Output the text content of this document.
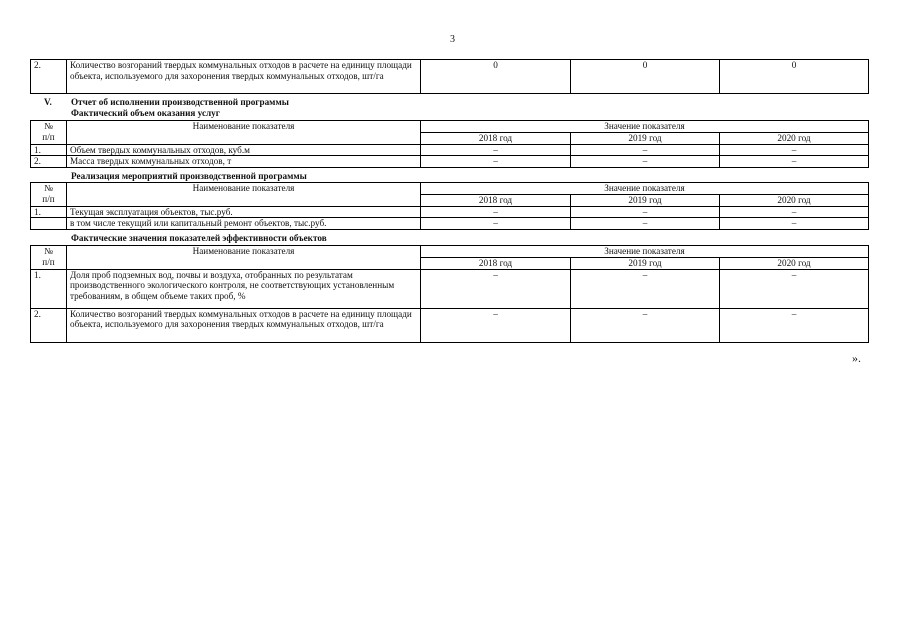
3
2.	Количество возгораний твердых коммунальных отходов в расчете на единицу площади объекта, используемого для захоронения твердых коммунальных отходов, шт/га	0	0	0
V. Отчет об исполнении производственной программы
Фактический объем оказания услуг
№	Наименование показателя	Значение показателя		
п/п		2018 год	2019 год	2020 год
1.	Объем твердых коммунальных отходов, куб.м	–	–	–
2.	Масса твердых коммунальных отходов, т	–	–	–
Реализация мероприятий производственной программы
№	Наименование показателя	Значение показателя		
п/п		2018 год	2019 год	2020 год
1.	Текущая эксплуатация объектов, тыс.руб.	–	–	–
	в том числе текущий или капитальный ремонт объектов, тыс.руб.	–	–	–
Фактические значения показателей эффективности объектов
№	Наименование показателя	Значение показателя		
п/п		2018 год	2019 год	2020 год
1.	Доля проб подземных вод, почвы и воздуха, отобранных по результатам производственного экологического контроля, не соответствующих установленным требованиям, в общем объеме таких проб, %	–	–	–
2.	Количество возгораний твердых коммунальных отходов в расчете на единицу площади объекта, используемого для захоронения твердых коммунальных отходов, шт/га	–	–	–
».
